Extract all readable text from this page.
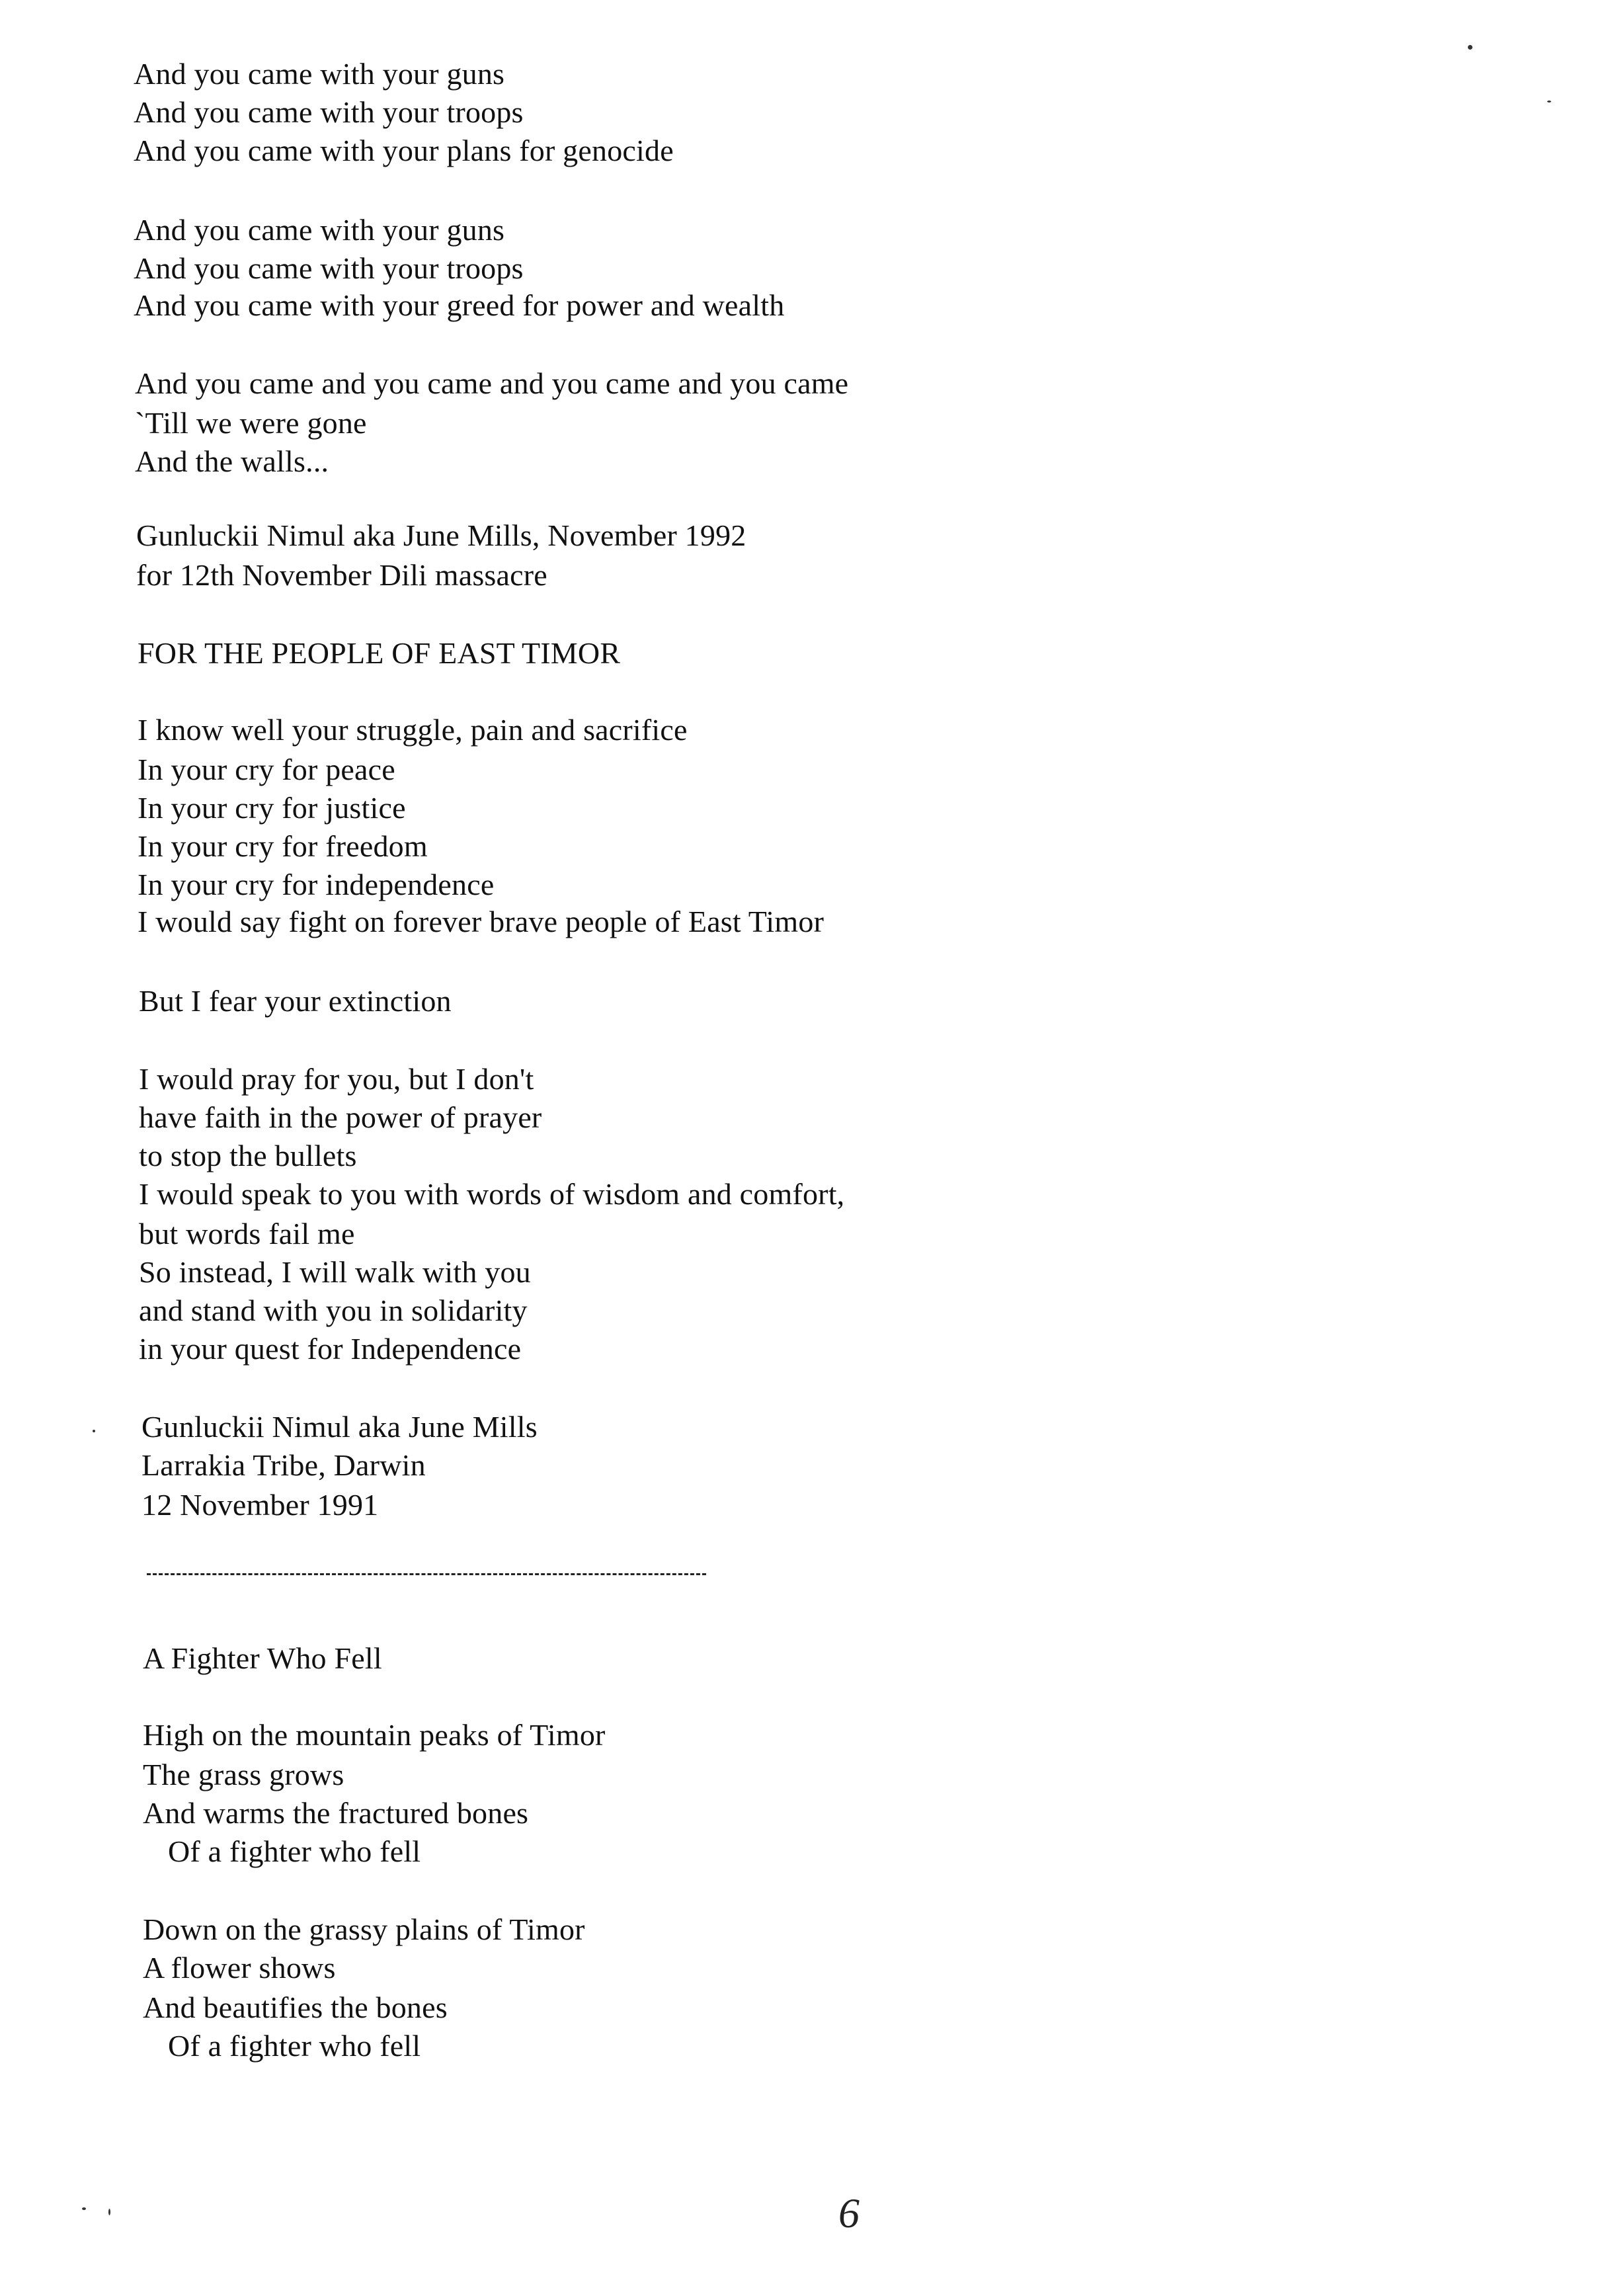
And you came with your guns
And you came with your troops
And you came with your plans for genocide
And you came with your guns
And you came with your troops
And you came with your greed for power and wealth
And you came and you came and you came and you came
`Till we were gone
And the walls...
Gunluckii Nimul aka June Mills, November 1992
for 12th November Dili massacre
FOR THE PEOPLE OF EAST TIMOR
I know well your struggle, pain and sacrifice
In your cry for peace
In your cry for justice
In your cry for freedom
In your cry for independence
I would say fight on forever brave people of East Timor
But I fear your extinction
I would pray for you, but I don't
have faith in the power of prayer
to stop the bullets
I would speak to you with words of wisdom and comfort,
but words fail me
So instead, I will walk with you
and stand with you in solidarity
in your quest for Independence
Gunluckii Nimul aka June Mills
Larrakia Tribe, Darwin
12 November 1991
A Fighter Who Fell
High on the mountain peaks of Timor
The grass grows
And warms the fractured bones
Of a fighter who fell
Down on the grassy plains of Timor
A flower shows
And beautifies the bones
Of a fighter who fell
6
